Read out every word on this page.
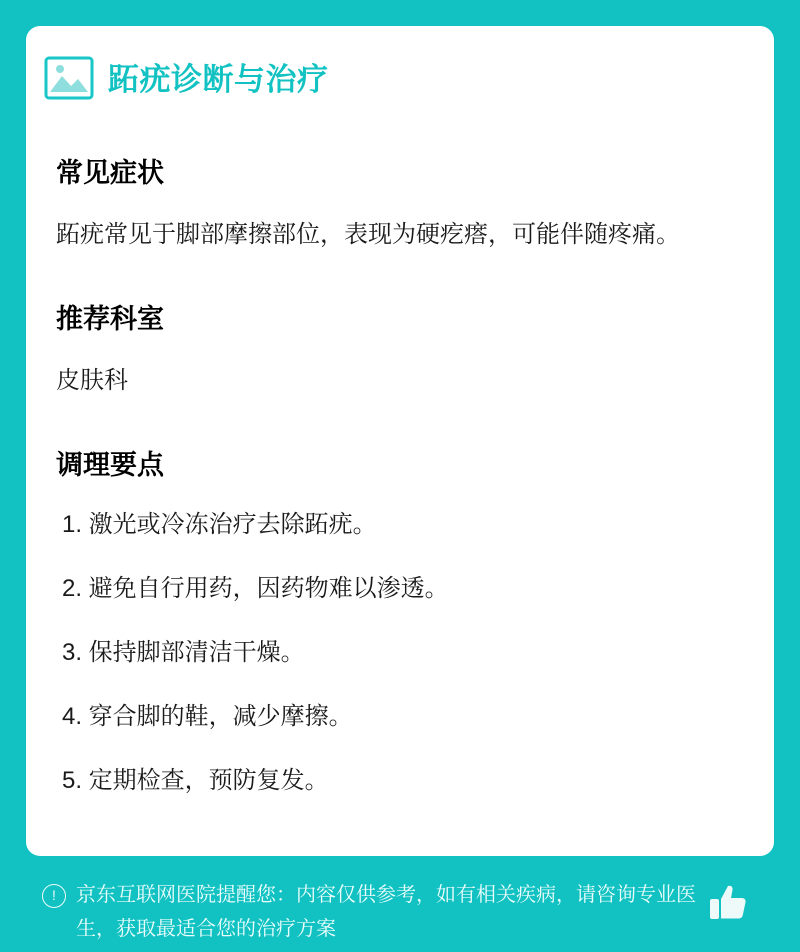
跖疣诊断与治疗
常见症状

跖疣常见于脚部摩擦部位，表现为硬疙瘩，可能伴随疼痛。

推荐科室

皮肤科

调理要点
1. 激光或冷冻治疗去除跖疣。
2. 避免自行用药，因药物难以渗透。
3. 保持脚部清洁干燥。
4. 穿合脚的鞋，减少摩擦。
5. 定期检查，预防复发。
!	京东互联网医院提醒您：内容仅供参考，如有相关疾病，请咨询专业医生，获取最适合您的治疗方案
